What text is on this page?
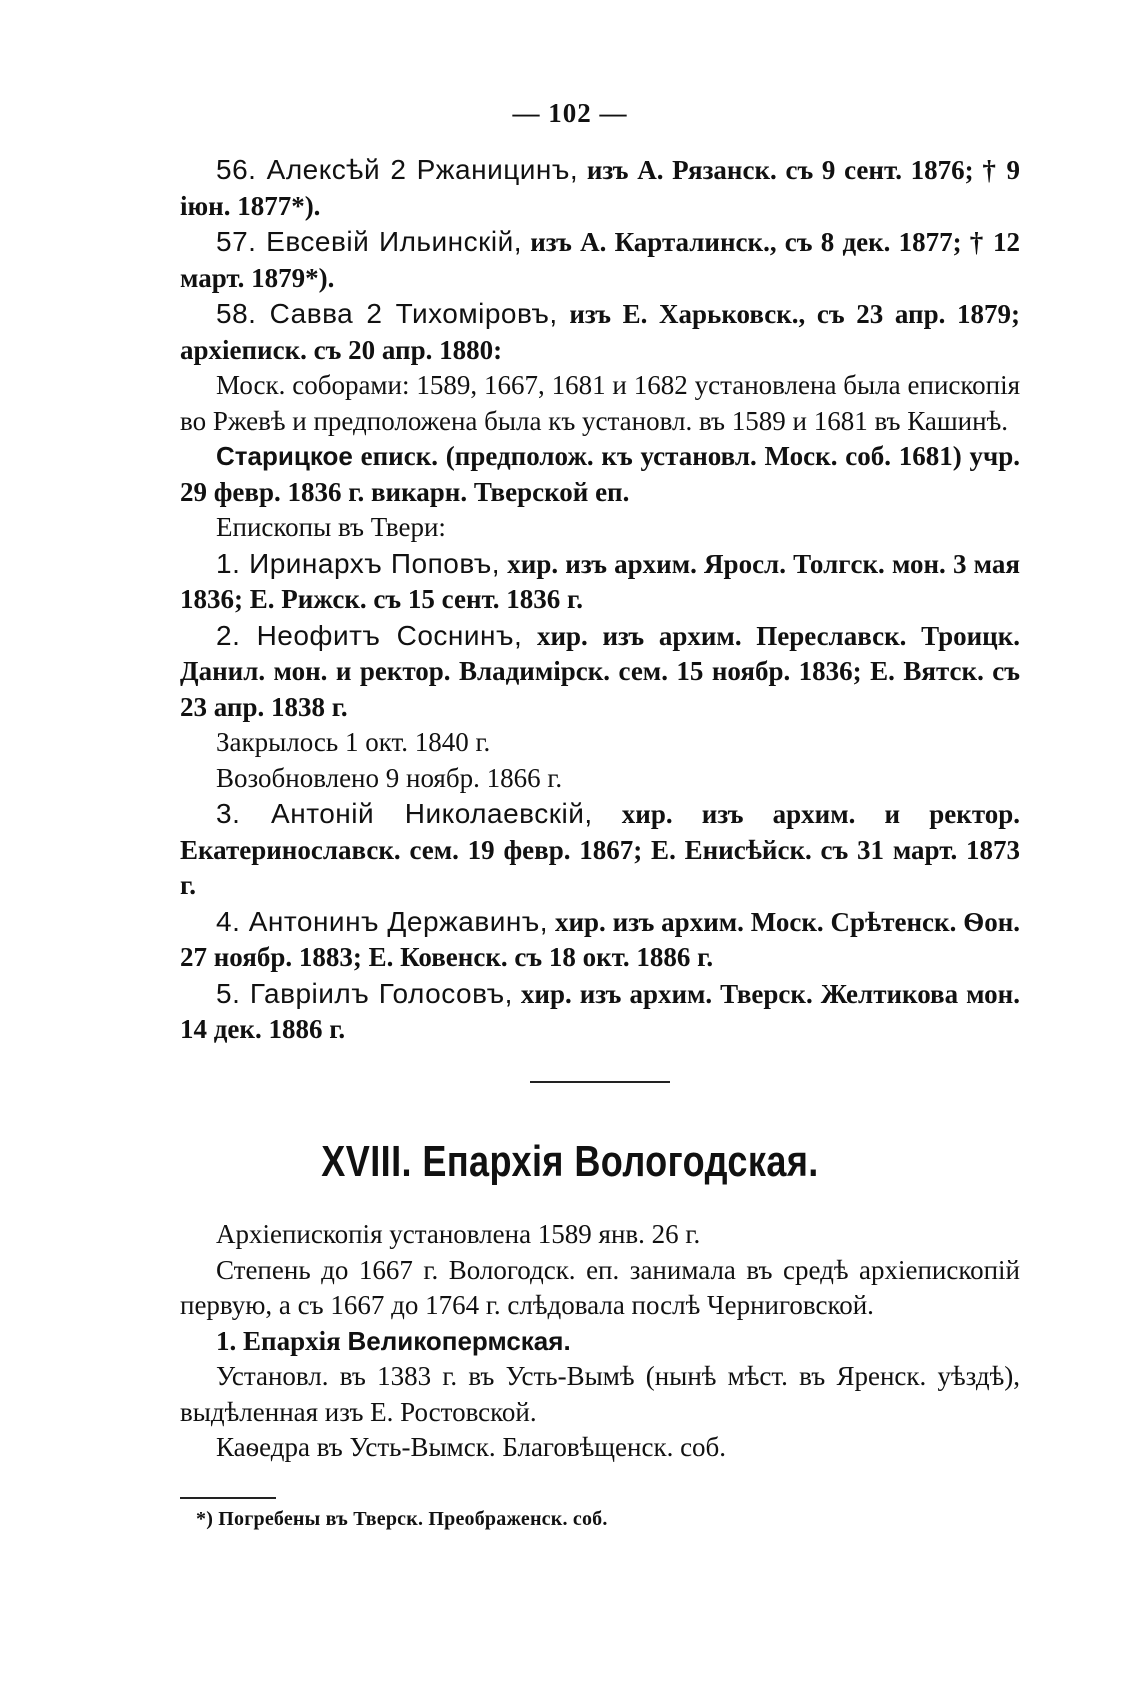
— 102 —

56. Алексѣй 2 Ржаницинъ, изъ А. Рязанск. съ 9 сент. 1876; † 9 іюн. 1877*).

57. Евсевій Ильинскій, изъ А. Карталинск., съ 8 дек. 1877; † 12 март. 1879*).

58. Савва 2 Тихоміровъ, изъ Е. Харьковск., съ 23 апр. 1879; архіеписк. съ 20 апр. 1880:

Моск. соборами: 1589, 1667, 1681 и 1682 установлена была епископія во Ржевѣ и предположена была къ установл. въ 1589 и 1681 въ Кашинѣ.

Старицкое еписк. (предполож. къ установл. Моск. соб. 1681) учр. 29 февр. 1836 г. викарн. Тверской еп.

Епископы въ Твери:

1. Иринархъ Поповъ, хир. изъ архим. Яросл. Толгск. мон. 3 мая 1836; Е. Рижск. съ 15 сент. 1836 г.

2. Неофитъ Соснинъ, хир. изъ архим. Переславск. Троицк. Данил. мон. и ректор. Владимірск. сем. 15 ноябр. 1836; Е. Вятск. съ 23 апр. 1838 г.

Закрылось 1 окт. 1840 г.

Возобновлено 9 ноябр. 1866 г.

3. Антоній Николаевскій, хир. изъ архим. и ректор. Екатеринославск. сем. 19 февр. 1867; Е. Енисѣйск. съ 31 март. 1873 г.

4. Антонинъ Державинъ, хир. изъ архим. Моск. Срѣтенск. Ѳон. 27 ноябр. 1883; Е. Ковенск. съ 18 окт. 1886 г.

5. Гавріилъ Голосовъ, хир. изъ архим. Тверск. Желтикова мон. 14 дек. 1886 г.

XVIII. Епархія Вологодская.

Архіепископія установлена 1589 янв. 26 г.

Степень до 1667 г. Вологодск. еп. занимала въ средѣ архіепископій первую, а съ 1667 до 1764 г. слѣдовала послѣ Черниговской.

1. Епархія Великопермская.

Установл. въ 1383 г. въ Усть-Вымѣ (нынѣ мѣст. въ Яренск. уѣздѣ), выдѣленная изъ Е. Ростовской.

Каѳедра въ Усть-Вымск. Благовѣщенск. соб.

*) Погребены въ Тверск. Преображенск. соб.
